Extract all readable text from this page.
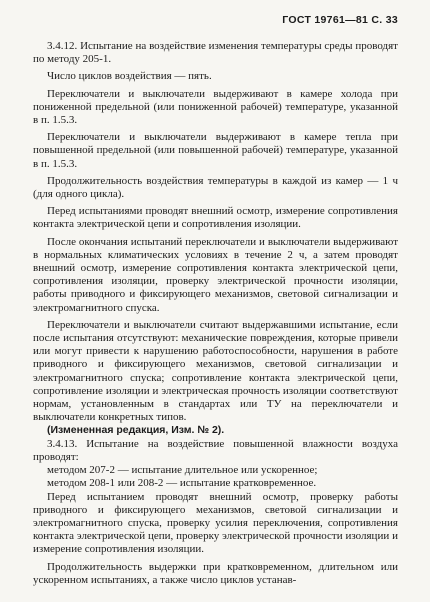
ГОСТ 19761—81 С. 33

3.4.12. Испытание на воздействие изменения температуры среды проводят по методу 205-1.

Число циклов воздействия — пять.

Переключатели и выключатели выдерживают в камере холода при пониженной предельной (или пониженной рабочей) температуре, указанной в п. 1.5.3.

Переключатели и выключатели выдерживают в камере тепла при повышенной предельной (или повышенной рабочей) температуре, указанной в п. 1.5.3.

Продолжительность воздействия температуры в каждой из камер — 1 ч (для одного цикла).

Перед испытаниями проводят внешний осмотр, измерение сопротивления контакта электрической цепи и сопротивления изоляции.

После окончания испытаний переключатели и выключатели выдерживают в нормальных климатических условиях в течение 2 ч, а затем проводят внешний осмотр, измерение сопротивления контакта электрической цепи, сопротивления изоляции, проверку электрической прочности изоляции, работы приводного и фиксирующего механизмов, световой сигнализации и электромагнитного спуска.

Переключатели и выключатели считают выдержавшими испытание, если после испытания отсутствуют: механические повреждения, которые привели или могут привести к нарушению работоспособности, нарушения в работе приводного и фиксирующего механизмов, световой сигнализации и электромагнитного спуска; сопротивление контакта электрической цепи, сопротивление изоляции и электрическая прочность изоляции соответствуют нормам, установленным в стандартах или ТУ на переключатели и выключатели конкретных типов.

(Измененная редакция, Изм. № 2).

3.4.13. Испытание на воздействие повышенной влажности воздуха проводят:

методом 207-2 — испытание длительное или ускоренное;

методом 208-1 или 208-2 — испытание кратковременное.

Перед испытанием проводят внешний осмотр, проверку работы приводного и фиксирующего механизмов, световой сигнализации и электромагнитного спуска, проверку усилия переключения, сопротивления контакта электрической цепи, проверку электрической прочности изоляции и измерение сопротивления изоляции.

Продолжительность выдержки при кратковременном, длительном или ускоренном испытаниях, а также число циклов устанав-
